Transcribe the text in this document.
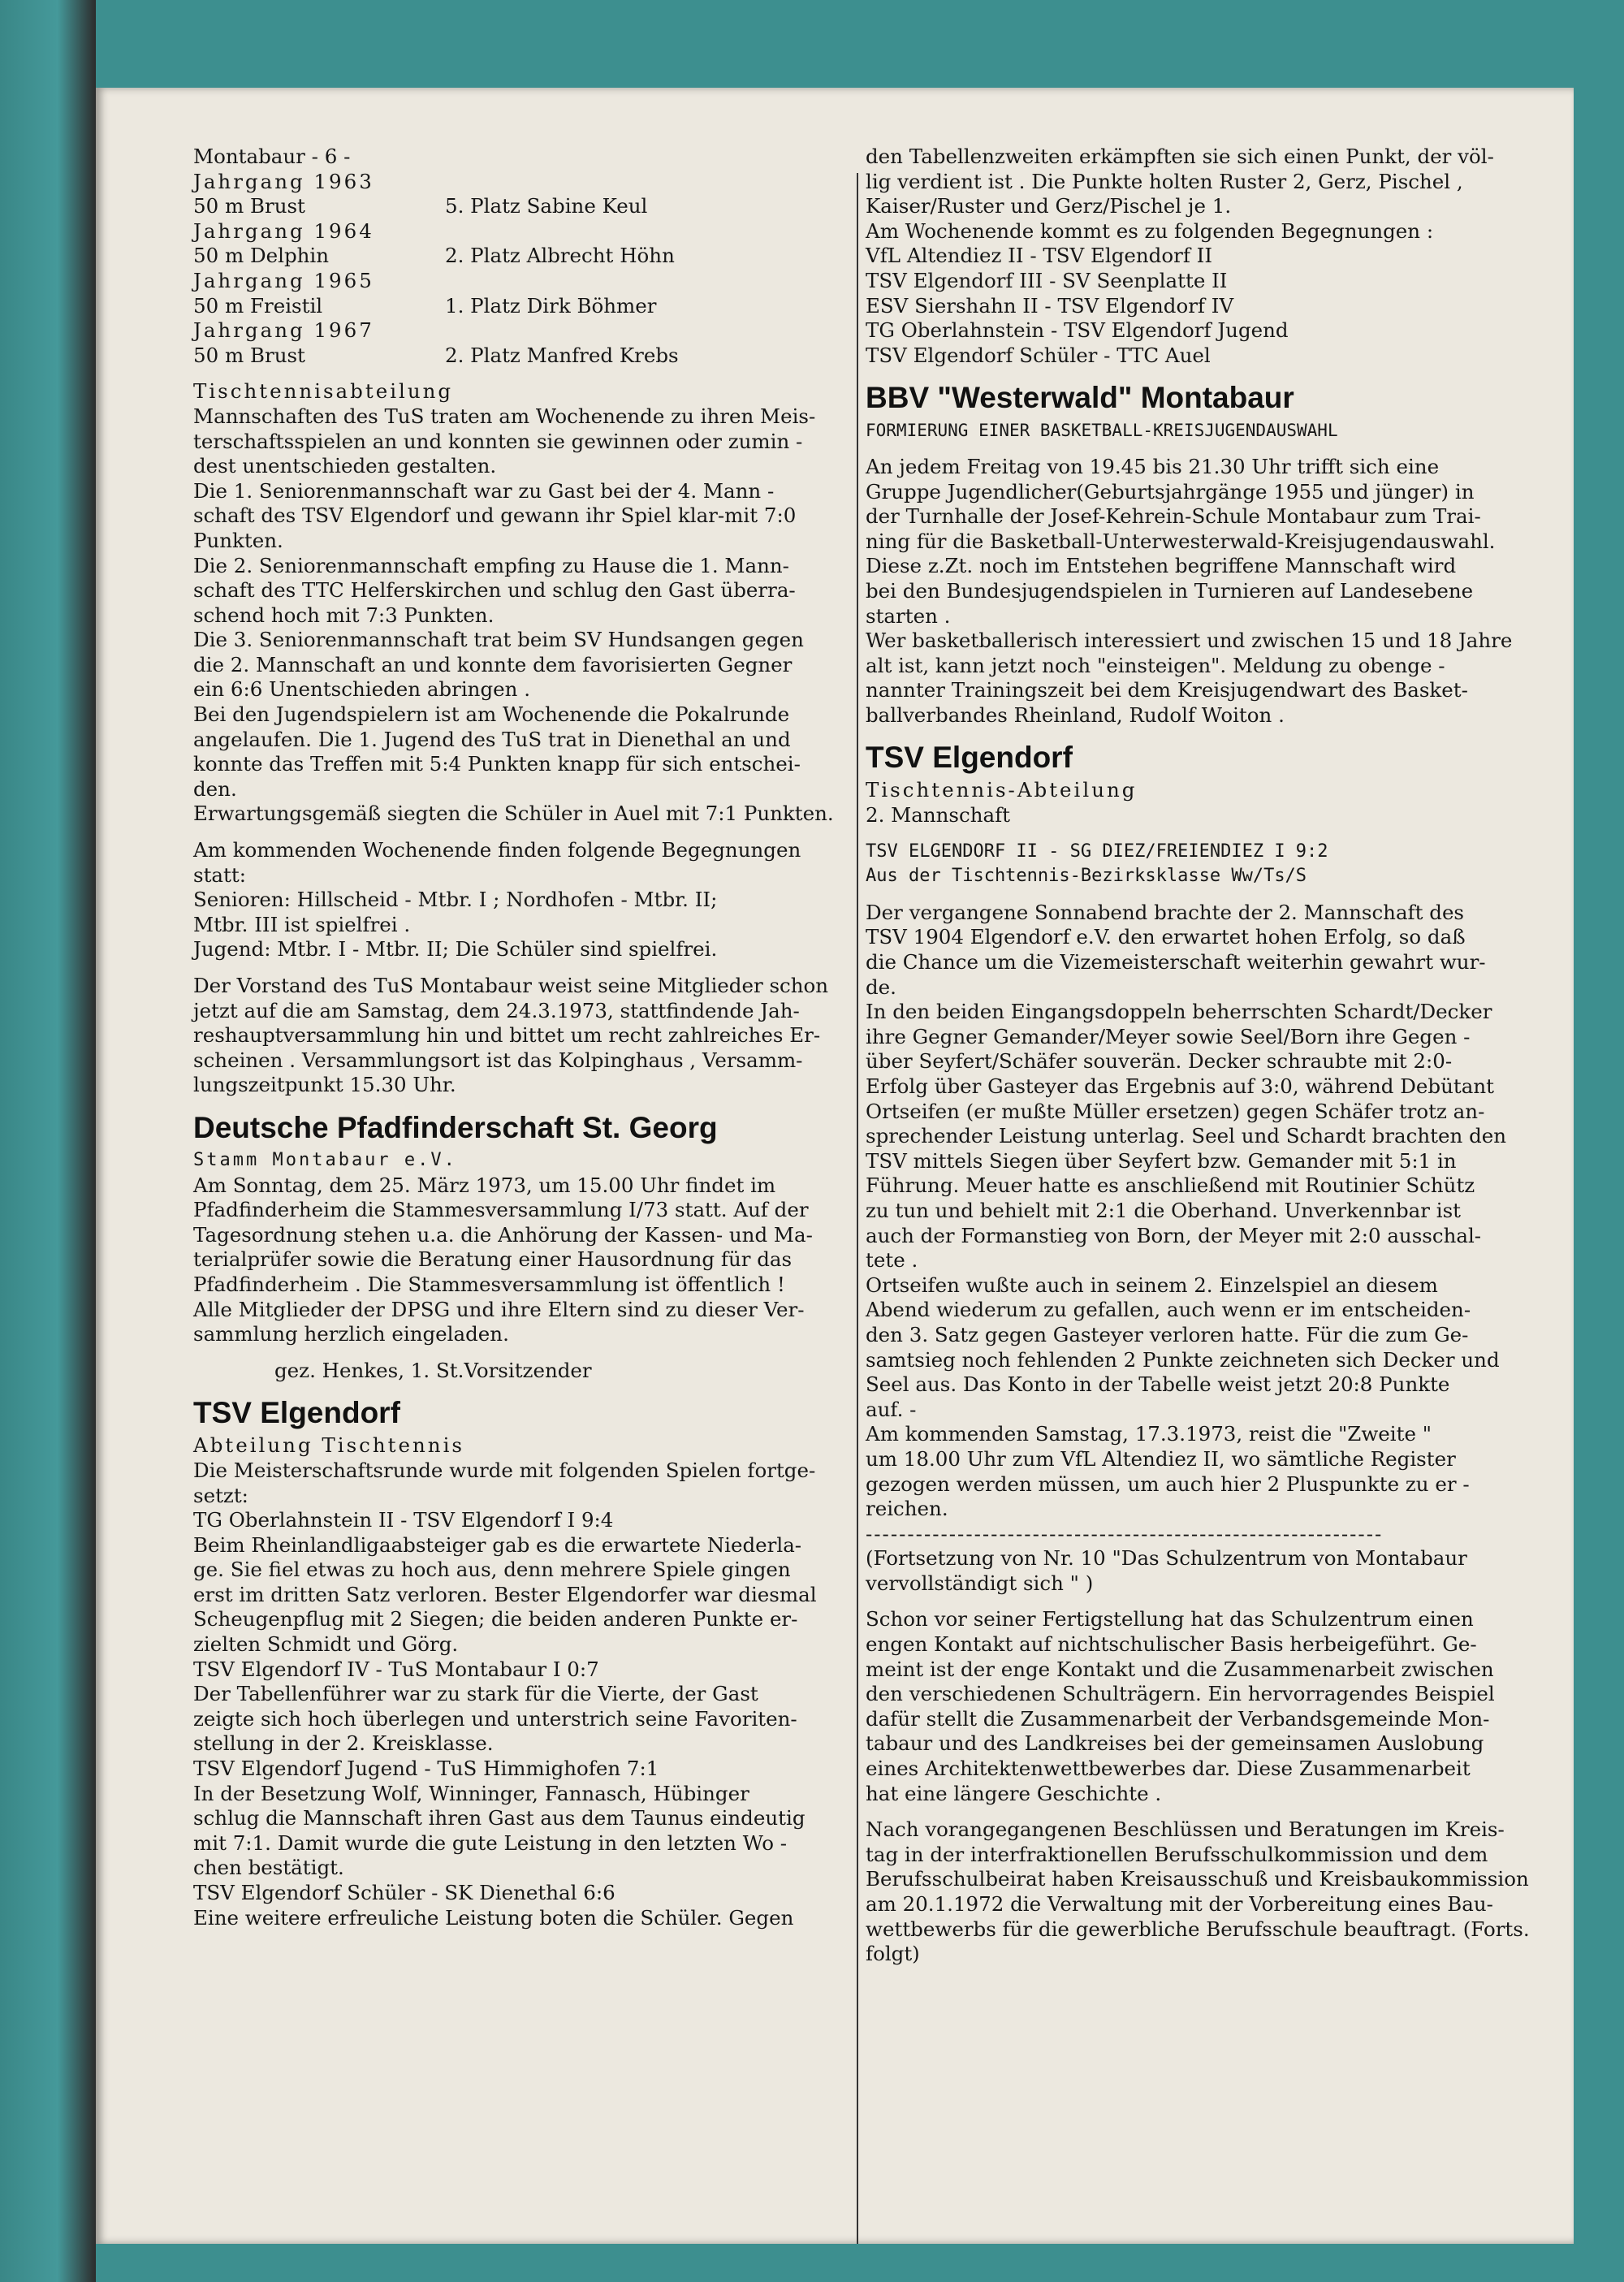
Montabaur - 6 -

Jahrgang 1963

50 m Brust	5. Platz Sabine Keul

Jahrgang 1964

50 m Delphin	2. Platz Albrecht Höhn

Jahrgang 1965

50 m Freistil	1. Platz Dirk Böhmer

Jahrgang 1967

50 m Brust	2. Platz Manfred Krebs

Tischtennisabteilung

Mannschaften des TuS traten am Wochenende zu ihren Meis-

terschaftsspielen an und konnten sie gewinnen oder zumin -

dest unentschieden gestalten.

Die 1. Seniorenmannschaft war zu Gast bei der 4. Mann -

schaft des TSV Elgendorf und gewann ihr Spiel klar-mit 7:0

Punkten.

Die 2. Seniorenmannschaft empfing zu Hause die 1. Mann-

schaft des TTC Helferskirchen und schlug den Gast überra-

schend hoch mit 7:3 Punkten.

Die 3. Seniorenmannschaft trat beim SV Hundsangen gegen

die 2. Mannschaft an und konnte dem favorisierten Gegner

ein 6:6 Unentschieden abringen .

Bei den Jugendspielern ist am Wochenende die Pokalrunde

angelaufen. Die 1. Jugend des TuS trat in Dienethal an und

konnte das Treffen mit 5:4 Punkten knapp für sich entschei-

den.

Erwartungsgemäß siegten die Schüler in Auel mit 7:1 Punkten.

Am kommenden Wochenende finden folgende Begegnungen

statt:

Senioren: Hillscheid - Mtbr. I ; Nordhofen - Mtbr. II;

Mtbr. III ist spielfrei .

Jugend: Mtbr. I - Mtbr. II; Die Schüler sind spielfrei.

Der Vorstand des TuS Montabaur weist seine Mitglieder schon

jetzt auf die am Samstag, dem 24.3.1973, stattfindende Jah-

reshauptversammlung hin und bittet um recht zahlreiches Er-

scheinen . Versammlungsort ist das Kolpinghaus , Versamm-

lungszeitpunkt 15.30 Uhr.

Deutsche Pfadfinderschaft St. Georg

Stamm Montabaur e.V.

Am Sonntag, dem 25. März 1973, um 15.00 Uhr findet im

Pfadfinderheim die Stammesversammlung I/73 statt. Auf der

Tagesordnung stehen u.a. die Anhörung der Kassen- und Ma-

terialprüfer sowie die Beratung einer Hausordnung für das

Pfadfinderheim . Die Stammesversammlung ist öffentlich !

Alle Mitglieder der DPSG und ihre Eltern sind zu dieser Ver-

sammlung herzlich eingeladen.

gez. Henkes, 1. St.Vorsitzender

TSV Elgendorf

Abteilung Tischtennis

Die Meisterschaftsrunde wurde mit folgenden Spielen fortge-

setzt:

TG Oberlahnstein II - TSV Elgendorf I 9:4

Beim Rheinlandligaabsteiger gab es die erwartete Niederla-

ge. Sie fiel etwas zu hoch aus, denn mehrere Spiele gingen

erst im dritten Satz verloren. Bester Elgendorfer war diesmal

Scheugenpflug mit 2 Siegen; die beiden anderen Punkte er-

zielten Schmidt und Görg.

TSV Elgendorf IV - TuS Montabaur I 0:7

Der Tabellenführer war zu stark für die Vierte, der Gast

zeigte sich hoch überlegen und unterstrich seine Favoriten-

stellung in der 2. Kreisklasse.

TSV Elgendorf Jugend - TuS Himmighofen 7:1

In der Besetzung Wolf, Winninger, Fannasch, Hübinger

schlug die Mannschaft ihren Gast aus dem Taunus eindeutig

mit 7:1. Damit wurde die gute Leistung in den letzten Wo -

chen bestätigt.

TSV Elgendorf Schüler - SK Dienethal 6:6

Eine weitere erfreuliche Leistung boten die Schüler. Gegen

den Tabellenzweiten erkämpften sie sich einen Punkt, der völ-

lig verdient ist . Die Punkte holten Ruster 2, Gerz, Pischel ,

Kaiser/Ruster und Gerz/Pischel je 1.

Am Wochenende kommt es zu folgenden Begegnungen :

VfL Altendiez II - TSV Elgendorf II

TSV Elgendorf III - SV Seenplatte II

ESV Siershahn II - TSV Elgendorf IV

TG Oberlahnstein - TSV Elgendorf Jugend

TSV Elgendorf Schüler - TTC Auel

BBV "Westerwald" Montabaur

FORMIERUNG EINER BASKETBALL-KREISJUGENDAUSWAHL

An jedem Freitag von 19.45 bis 21.30 Uhr trifft sich eine

Gruppe Jugendlicher(Geburtsjahrgänge 1955 und jünger) in

der Turnhalle der Josef-Kehrein-Schule Montabaur zum Trai-

ning für die Basketball-Unterwesterwald-Kreisjugendauswahl.

Diese z.Zt. noch im Entstehen begriffene Mannschaft wird

bei den Bundesjugendspielen in Turnieren auf Landesebene

starten .

Wer basketballerisch interessiert und zwischen 15 und 18 Jahre

alt ist, kann jetzt noch "einsteigen". Meldung zu obenge -

nannter Trainingszeit bei dem Kreisjugendwart des Basket-

ballverbandes Rheinland, Rudolf Woiton .

TSV Elgendorf

Tischtennis-Abteilung

2. Mannschaft

TSV ELGENDORF II - SG DIEZ/FREIENDIEZ I 9:2

Aus der Tischtennis-Bezirksklasse Ww/Ts/S

Der vergangene Sonnabend brachte der 2. Mannschaft des

TSV 1904 Elgendorf e.V. den erwartet hohen Erfolg, so daß

die Chance um die Vizemeisterschaft weiterhin gewahrt wur-

de.

In den beiden Eingangsdoppeln beherrschten Schardt/Decker

ihre Gegner Gemander/Meyer sowie Seel/Born ihre Gegen -

über Seyfert/Schäfer souverän. Decker schraubte mit 2:0-

Erfolg über Gasteyer das Ergebnis auf 3:0, während Debütant

Ortseifen (er mußte Müller ersetzen) gegen Schäfer trotz an-

sprechender Leistung unterlag. Seel und Schardt brachten den

TSV mittels Siegen über Seyfert bzw. Gemander mit 5:1 in

Führung. Meuer hatte es anschließend mit Routinier Schütz

zu tun und behielt mit 2:1 die Oberhand. Unverkennbar ist

auch der Formanstieg von Born, der Meyer mit 2:0 ausschal-

tete .

Ortseifen wußte auch in seinem 2. Einzelspiel an diesem

Abend wiederum zu gefallen, auch wenn er im entscheiden-

den 3. Satz gegen Gasteyer verloren hatte. Für die zum Ge-

samtsieg noch fehlenden 2 Punkte zeichneten sich Decker und

Seel aus. Das Konto in der Tabelle weist jetzt 20:8 Punkte

auf. -

Am kommenden Samstag, 17.3.1973, reist die "Zweite "

um 18.00 Uhr zum VfL Altendiez II, wo sämtliche Register

gezogen werden müssen, um auch hier 2 Pluspunkte zu er -

reichen.

--------------------------------------------------------------

(Fortsetzung von Nr. 10 "Das Schulzentrum von Montabaur

vervollständigt sich " )

Schon vor seiner Fertigstellung hat das Schulzentrum einen

engen Kontakt auf nichtschulischer Basis herbeigeführt. Ge-

meint ist der enge Kontakt und die Zusammenarbeit zwischen

den verschiedenen Schulträgern. Ein hervorragendes Beispiel

dafür stellt die Zusammenarbeit der Verbandsgemeinde Mon-

tabaur und des Landkreises bei der gemeinsamen Auslobung

eines Architektenwettbewerbes dar. Diese Zusammenarbeit

hat eine längere Geschichte .

Nach vorangegangenen Beschlüssen und Beratungen im Kreis-

tag in der interfraktionellen Berufsschulkommission und dem

Berufsschulbeirat haben Kreisausschuß und Kreisbaukommission

am 20.1.1972 die Verwaltung mit der Vorbereitung eines Bau-

wettbewerbs für die gewerbliche Berufsschule beauftragt. (Forts.

folgt)
